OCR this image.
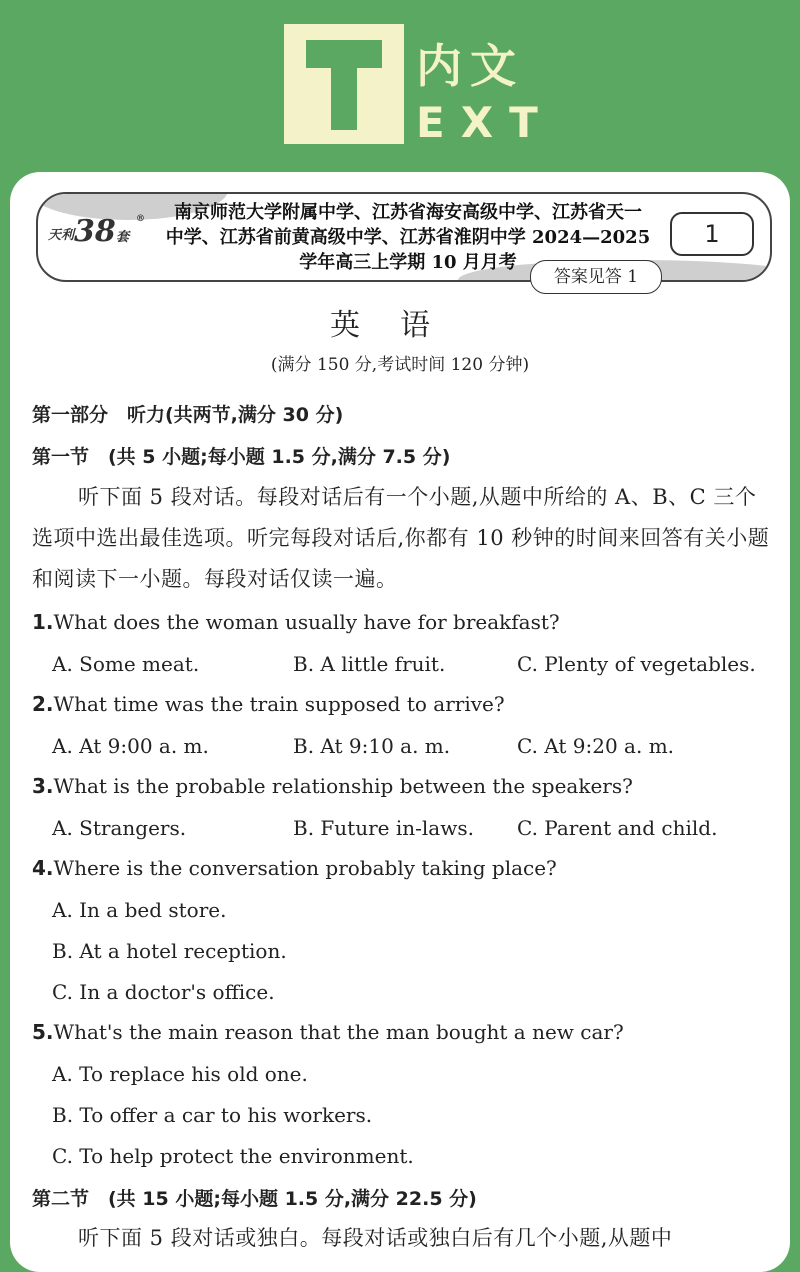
内文
EXT
天利 38 套
®	南京师范大学附属中学、江苏省海安高级中学、江苏省天一
中学、江苏省前黄高级中学、江苏省淮阴中学 2024—2025
学年高三上学期 10 月月考
1
答案见答 1
英语
(满分 150 分,考试时间 120 分钟)
第一部分　听力(共两节,满分 30 分)
第一节　(共 5 小题;每小题 1.5 分,满分 7.5 分)
听下面 5 段对话。每段对话后有一个小题,从题中所给的 A、B、C 三个选项中选出最佳选项。听完每段对话后,你都有 10 秒钟的时间来回答有关小题和阅读下一小题。每段对话仅读一遍。
1.What does the woman usually have for breakfast?
A. Some meat.	B. A little fruit.	C. Plenty of vegetables.
2.What time was the train supposed to arrive?
A. At 9:00 a. m.	B. At 9:10 a. m.	C. At 9:20 a. m.
3.What is the probable relationship between the speakers?
A. Strangers.	B. Future in-laws. C. Parent and child.
4.Where is the conversation probably taking place?
A. In a bed store.
B. At a hotel reception.
C. In a doctor's office.
5.What's the main reason that the man bought a new car?
A. To replace his old one.
B. To offer a car to his workers.
C. To help protect the environment.
第二节　(共 15 小题;每小题 1.5 分,满分 22.5 分)
听下面 5 段对话或独白。每段对话或独白后有几个小题,从题中
